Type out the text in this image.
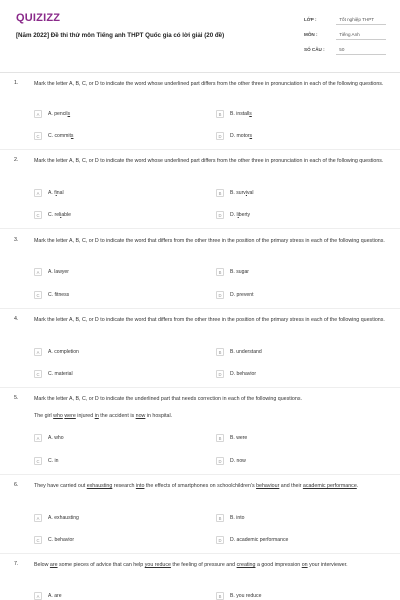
QUIZIZZ
[Năm 2022] Đề thi thử môn Tiếng anh THPT Quốc gia có lời giải (20 đề)
LỚP :	Tốt nghiệp THPT
MÔN :	Tiếng Anh
SỐ CÂU :	50
1.	Mark the letter A, B, C, or D to indicate the word whose underlined part differs from the other three in pronunciation in each of the following questions.
A	A. pencils	B	B. installs
C	C. commits	D	D. motors
2.	Mark the letter A, B, C, or D to indicate the word whose underlined part differs from the other three in pronunciation in each of the following questions.
A	A. final	B	B. survival
C	C. reliable	D	D. liberty
3.	Mark the letter A, B, C, or D to indicate the word that differs from the other three in the position of the primary stress in each of the following questions.
A	A. lawyer	B	B. sugar
C	C. fitness	D	D. prevent
4.	Mark the letter A, B, C, or D to indicate the word that differs from the other three in the position of the primary stress in each of the following questions.
A	A. completion	B	B. understand
C	C. material	D	D. behavior
5.	Mark the letter A, B, C, or D to indicate the underlined part that needs correction in each of the following questions.
The girl who were injured in the accident is now in hospital.
A	A. who	B	B. were
C	C. in	D	D. now
6.	They have carried out exhausting research into the effects of smartphones on schoolchildren's behaviour and their academic performance.
A	A. exhausting	B	B. into
C	C. behavior	D	D. academic performance
7.	Below are some pieces of advice that can help you reduce the feeling of pressure and creating a good impression on your interviewer.
A	A. are	B	B. you reduce
